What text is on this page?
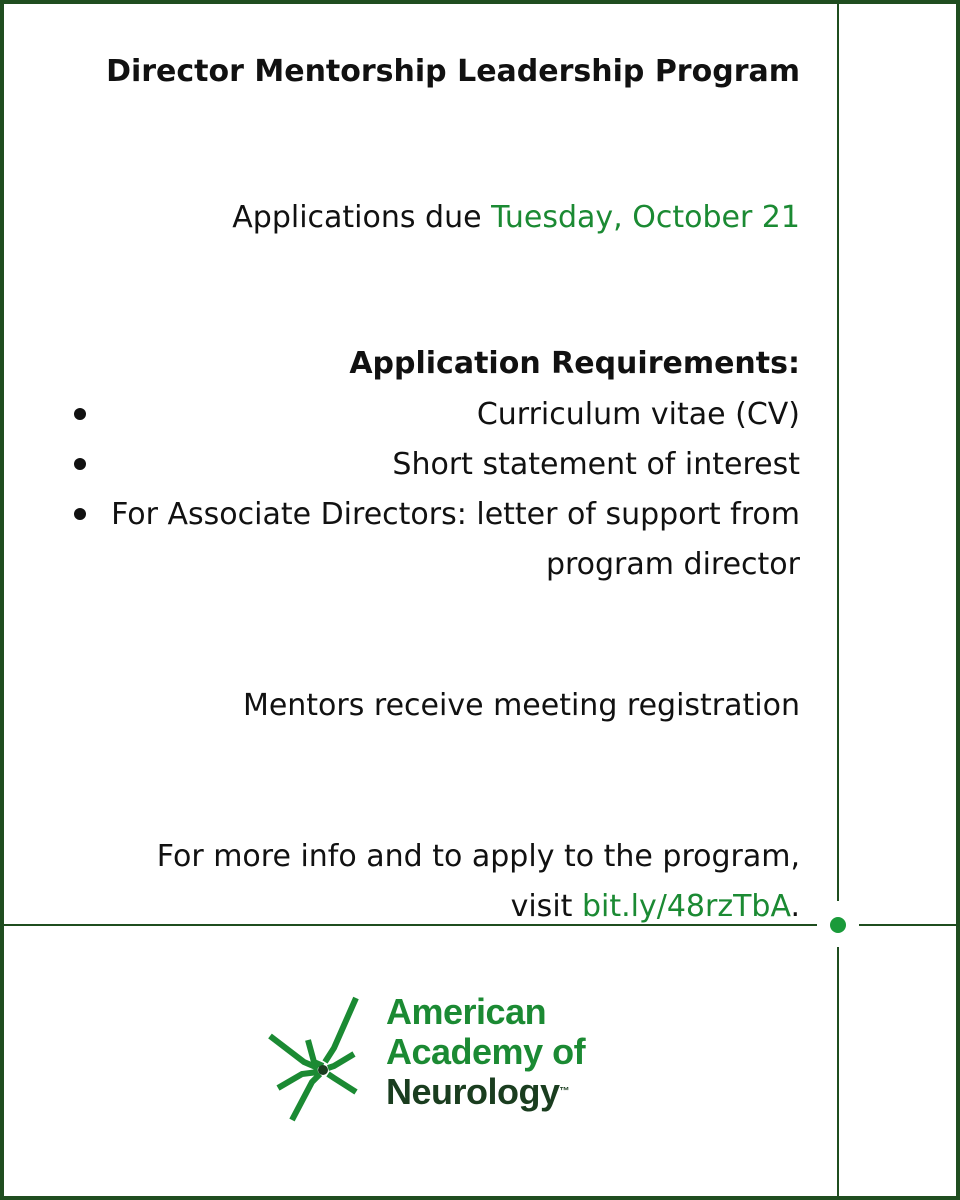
Director Mentorship Leadership Program
Applications due Tuesday, October 21
Application Requirements:
Curriculum vitae (CV)
Short statement of interest
For Associate Directors: letter of support from program director
Mentors receive meeting registration
For more info and to apply to the program,
visit bit.ly/48rzTbA.
American
Academy of
Neurology™
